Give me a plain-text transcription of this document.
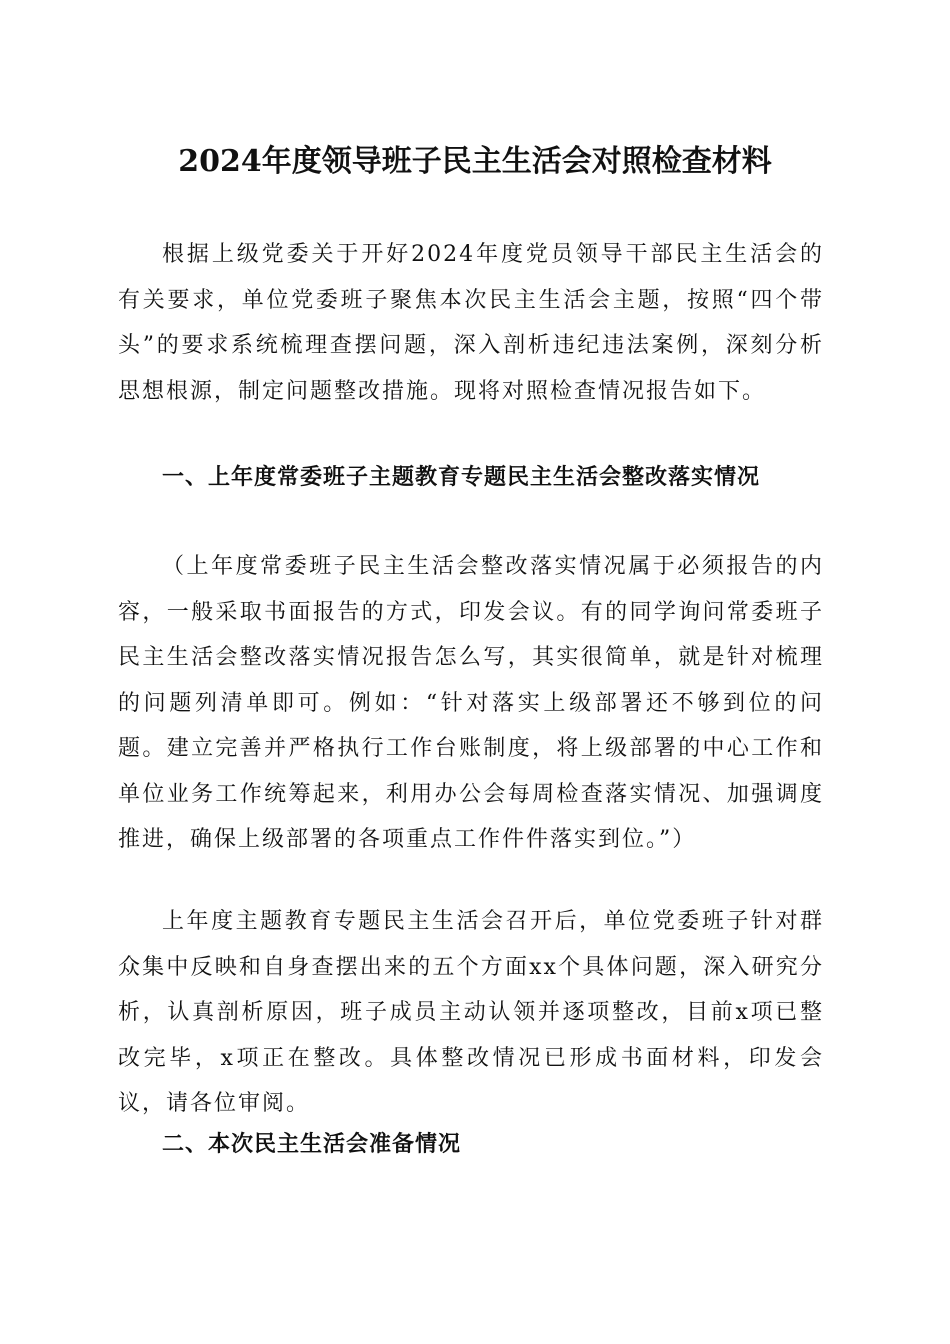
2024年度领导班子民主生活会对照检查材料
根据上级党委关于开好2024年度党员领导干部民主生活会的有关要求，单位党委班子聚焦本次民主生活会主题，按照“四个带头”的要求系统梳理查摆问题，深入剖析违纪违法案例，深刻分析思想根源，制定问题整改措施。现将对照检查情况报告如下。
一、上年度常委班子主题教育专题民主生活会整改落实情况
（上年度常委班子民主生活会整改落实情况属于必须报告的内容，一般采取书面报告的方式，印发会议。有的同学询问常委班子民主生活会整改落实情况报告怎么写，其实很简单，就是针对梳理的问题列清单即可。例如：“针对落实上级部署还不够到位的问题。建立完善并严格执行工作台账制度，将上级部署的中心工作和单位业务工作统筹起来，利用办公会每周检查落实情况、加强调度推进，确保上级部署的各项重点工作件件落实到位。”）
上年度主题教育专题民主生活会召开后，单位党委班子针对群众集中反映和自身查摆出来的五个方面xx个具体问题，深入研究分析，认真剖析原因，班子成员主动认领并逐项整改，目前x项已整改完毕，x项正在整改。具体整改情况已形成书面材料，印发会议，请各位审阅。
二、本次民主生活会准备情况
